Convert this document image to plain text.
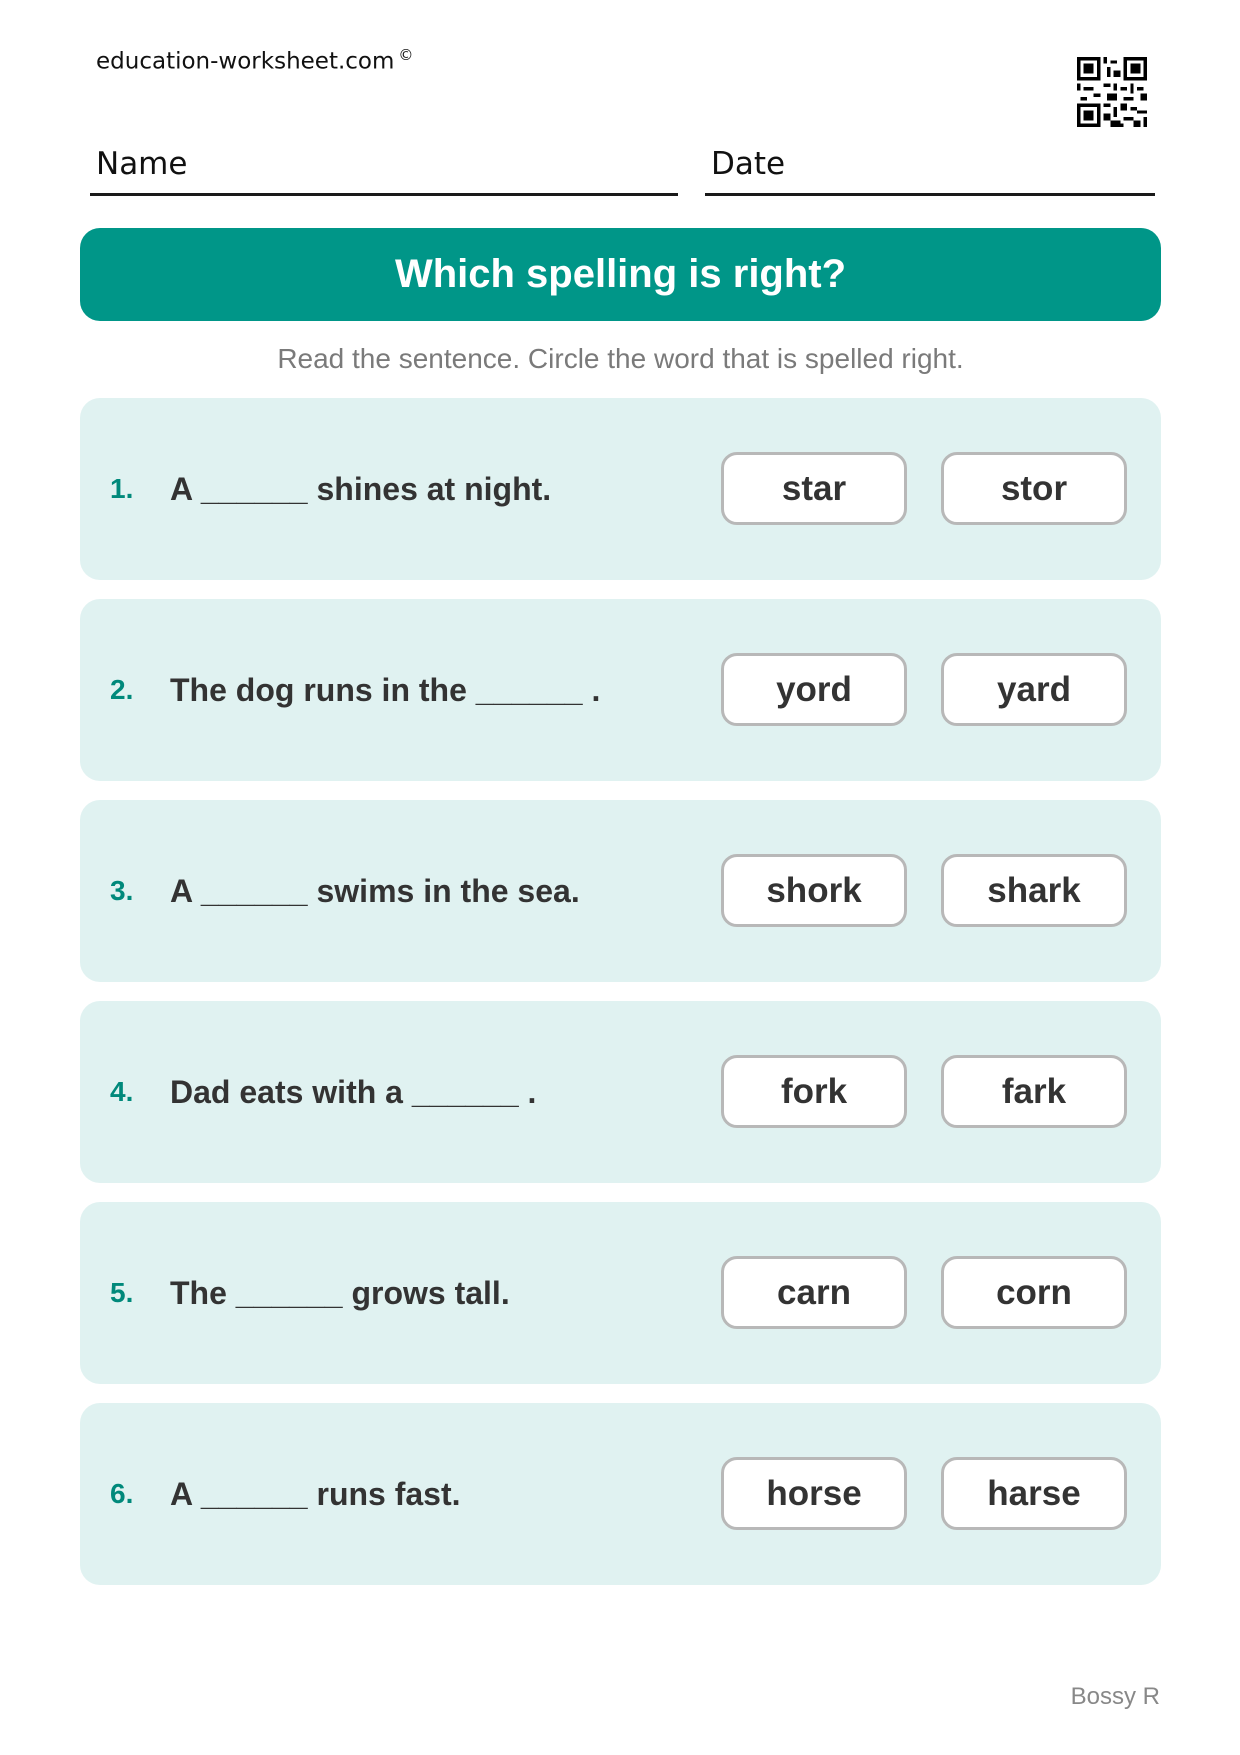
education-worksheet.com ©
Name	Date
Which spelling is right?
Read the sentence. Circle the word that is spelled right.
1. A ______ shines at night.	star	stor
2. The dog runs in the ______ .	yord	yard
3. A ______ swims in the sea.	shork	shark
4. Dad eats with a ______ .	fork	fark
5. The ______ grows tall.	carn	corn
6. A ______ runs fast.	horse	harse
Bossy R
